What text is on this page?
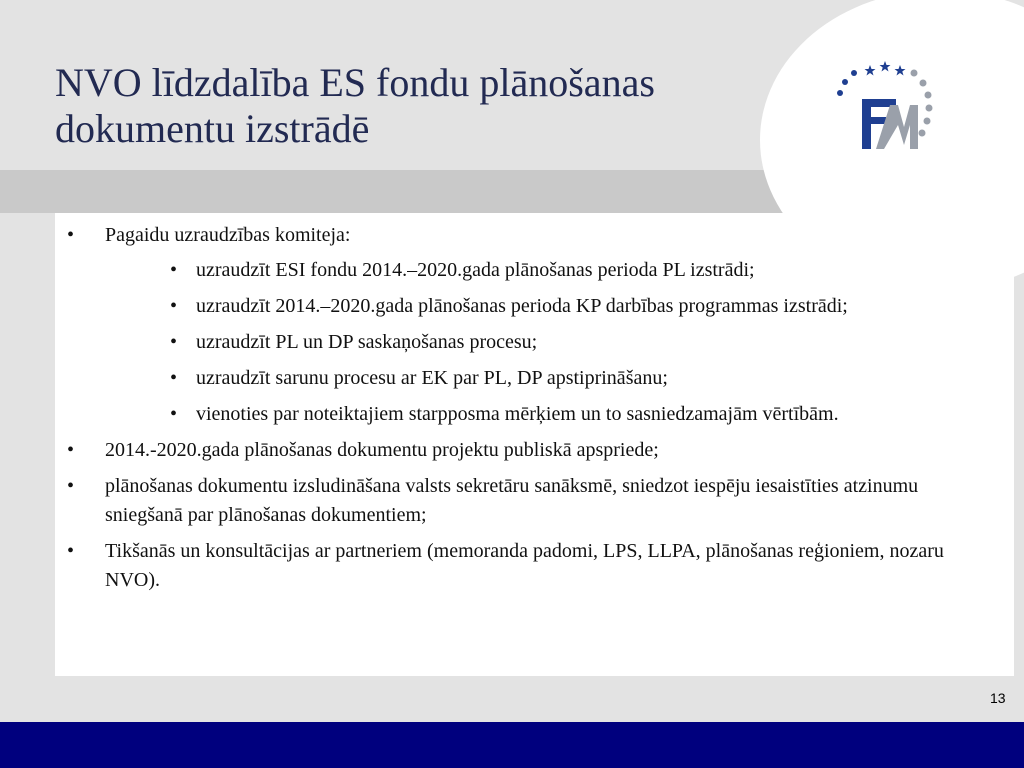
NVO līdzdalība ES fondu plānošanas
dokumentu izstrādē
• Pagaidu uzraudzības komiteja:
• uzraudzīt ESI fondu 2014.–2020.gada plānošanas perioda PL izstrādi;
• uzraudzīt 2014.–2020.gada plānošanas perioda KP darbības programmas izstrādi;
• uzraudzīt PL un DP saskaņošanas procesu;
• uzraudzīt sarunu procesu ar EK par PL, DP apstiprināšanu;
• vienoties par noteiktajiem starpposma mērķiem un to sasniedzamajām vērtībām.
• 2014.-2020.gada plānošanas dokumentu projektu publiskā apspriede;
• plānošanas dokumentu izsludināšana valsts sekretāru sanāksmē, sniedzot iespēju iesaistīties atzinumu sniegšanā par plānošanas dokumentiem;
• Tikšanās un konsultācijas ar partneriem (memoranda padomi, LPS, LLPA, plānošanas reģioniem, nozaru NVO).
13
